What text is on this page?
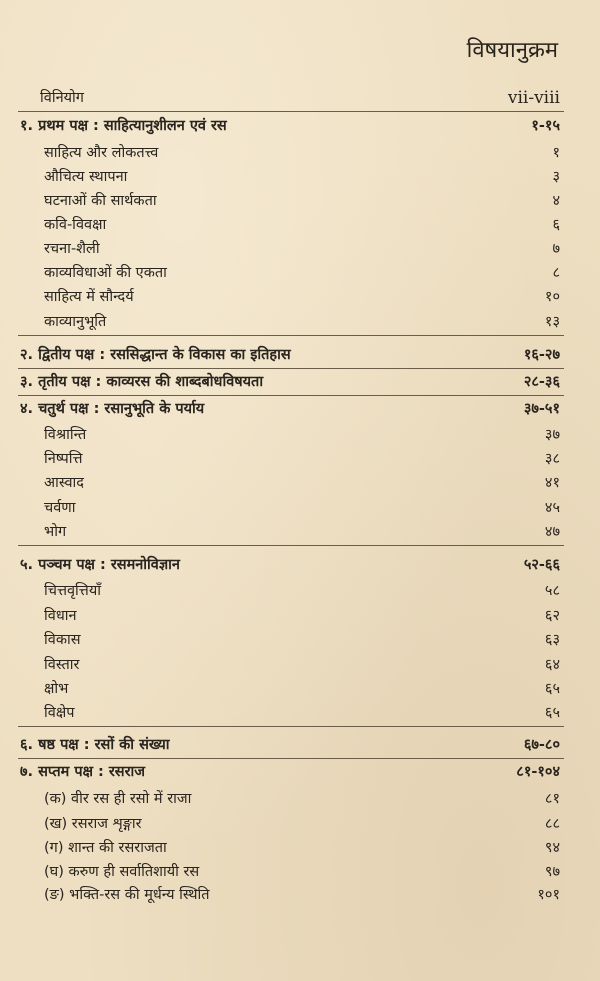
विषयानुक्रम
विनियोग	vii-viii
१. प्रथम पक्ष : साहित्यानुशीलन एवं रस	१-१५
साहित्य और लोकतत्त्व	१
औचित्य स्थापना	३
घटनाओं की सार्थकता	४
कवि-विवक्षा	६
रचना-शैली	७
काव्यविधाओं की एकता	८
साहित्य में सौन्दर्य	१०
काव्यानुभूति	१३
२. द्वितीय पक्ष : रससिद्धान्त के विकास का इतिहास	१६-२७
३. तृतीय पक्ष : काव्यरस की शाब्दबोधविषयता	२८-३६
४. चतुर्थ पक्ष : रसानुभूति के पर्याय	३७-५१
विश्रान्ति	३७
निष्पत्ति	३८
आस्वाद	४१
चर्वणा	४५
भोग	४७
५. पञ्चम पक्ष : रसमनोविज्ञान	५२-६६
चित्तवृत्तियाँ	५८
विधान	६२
विकास	६३
विस्तार	६४
क्षोभ	६५
विक्षेप	६५
६. षष्ठ पक्ष : रसों की संख्या	६७-८०
७. सप्तम पक्ष : रसराज	८१-१०४
(क) वीर रस ही रसो में राजा	८१
(ख) रसराज शृङ्गार	८८
(ग) शान्त की रसराजता	९४
(घ) करुण ही सर्वातिशायी रस	९७
(ङ) भक्ति-रस की मूर्धन्य स्थिति	१०१
